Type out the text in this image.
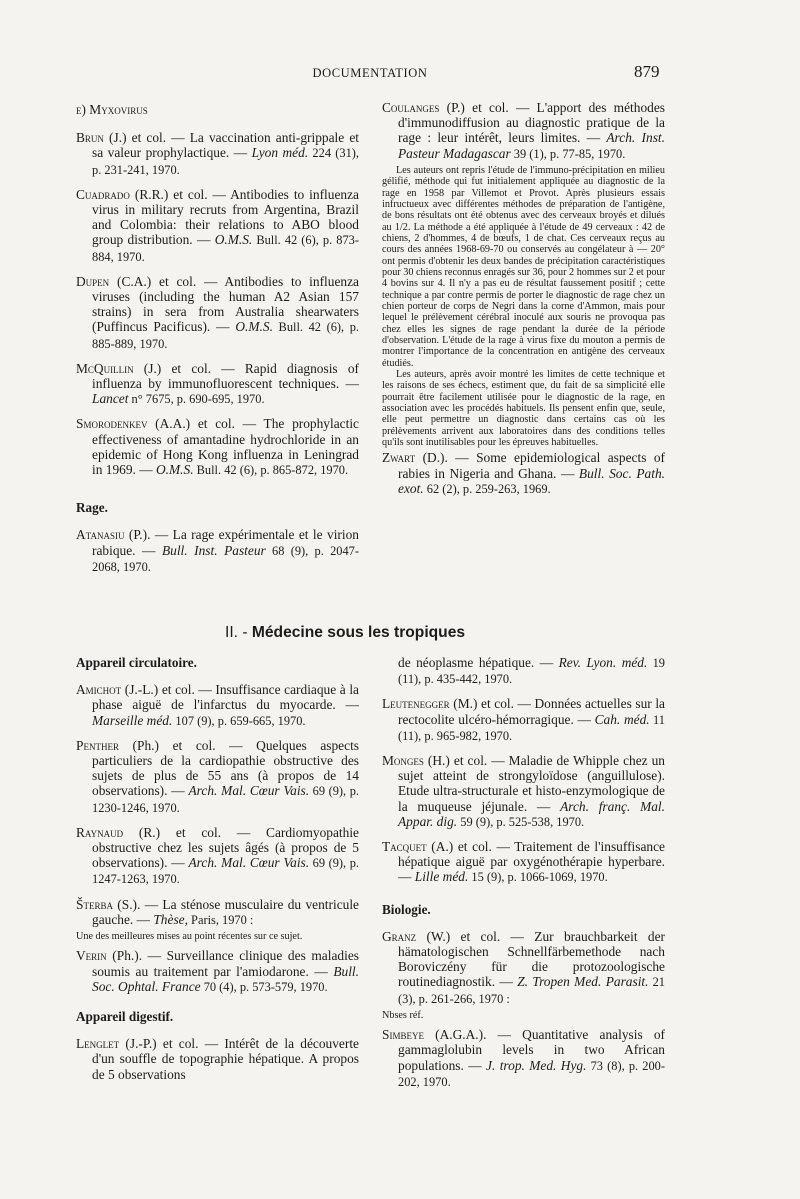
DOCUMENTATION	879
e) Myxovirus

Brun (J.) et col. — La vaccination anti-grippale et sa valeur prophylactique. — Lyon méd. 224 (31), p. 231-241, 1970.

Cuadrado (R.R.) et col. — Antibodies to influenza virus in military recruts from Argentina, Brazil and Colombia: their relations to ABO blood group distribution. — O.M.S. Bull. 42 (6), p. 873-884, 1970.

Dupen (C.A.) et col. — Antibodies to influenza viruses (including the human A2 Asian 157 strains) in sera from Australia shearwaters (Puffincus Pacificus). — O.M.S. Bull. 42 (6), p. 885-889, 1970.

McQuillin (J.) et col. — Rapid diagnosis of influenza by immunofluorescent techniques. — Lancet n° 7675, p. 690-695, 1970.

Smorodenkev (A.A.) et col. — The prophylactic effectiveness of amantadine hydrochloride in an epidemic of Hong Kong influenza in Leningrad in 1969. — O.M.S. Bull. 42 (6), p. 865-872, 1970.

Rage.

Atanasiu (P.). — La rage expérimentale et le virion rabique. — Bull. Inst. Pasteur 68 (9), p. 2047-2068, 1970.

Coulanges (P.) et col. — L'apport des méthodes d'immunodiffusion au diagnostic pratique de la rage : leur intérêt, leurs limites. — Arch. Inst. Pasteur Madagascar 39 (1), p. 77-85, 1970.

Les auteurs ont repris l'étude de l'immuno-précipitation en milieu gélifié, méthode qui fut initialement appliquée au diagnostic de la rage en 1958 par Villemot et Provot. Après plusieurs essais infructueux avec différentes méthodes de préparation de l'antigène, de bons résultats ont été obtenus avec des cerveaux broyés et dilués au 1/2. La méthode a été appliquée à l'étude de 49 cerveaux : 42 de chiens, 2 d'hommes, 4 de bœufs, 1 de chat. Ces cerveaux reçus au cours des années 1968-69-70 ou conservés au congélateur à — 20° ont permis d'obtenir les deux bandes de précipitation caractéristiques pour 30 chiens reconnus enragés sur 36, pour 2 hommes sur 2 et pour 4 bovins sur 4. Il n'y a pas eu de résultat faussement positif ; cette technique a par contre permis de porter le diagnostic de rage chez un chien porteur de corps de Negri dans la corne d'Ammon, mais pour lequel le prélèvement cérébral inoculé aux souris ne provoqua pas chez elles les signes de rage pendant la durée de la période d'observation. L'étude de la rage à virus fixe du mouton a permis de montrer l'importance de la concentration en antigène des cerveaux étudiés.

Les auteurs, après avoir montré les limites de cette technique et les raisons de ses échecs, estiment que, du fait de sa simplicité elle pourrait être facilement utilisée pour le diagnostic de la rage, en association avec les procédés habituels. Ils pensent enfin que, seule, elle peut permettre un diagnostic dans certains cas où les prélèvements arrivent aux laboratoires dans des conditions telles qu'ils sont inutilisables pour les épreuves habituelles.

Zwart (D.). — Some epidemiological aspects of rabies in Nigeria and Ghana. — Bull. Soc. Path. exot. 62 (2), p. 259-263, 1969.

II. - Médecine sous les tropiques
Appareil circulatoire.

Amichot (J.-L.) et col. — Insuffisance cardiaque à la phase aiguë de l'infarctus du myocarde. — Marseille méd. 107 (9), p. 659-665, 1970.

Penther (Ph.) et col. — Quelques aspects particuliers de la cardiopathie obstructive des sujets de plus de 55 ans (à propos de 14 observations). — Arch. Mal. Cœur Vais. 69 (9), p. 1230-1246, 1970.

Raynaud (R.) et col. — Cardiomyopathie obstructive chez les sujets âgés (à propos de 5 observations). — Arch. Mal. Cœur Vais. 69 (9), p. 1247-1263, 1970.

Šterba (S.). — La sténose musculaire du ventricule gauche. — Thèse, Paris, 1970 :

Une des meilleures mises au point récentes sur ce sujet.

Verin (Ph.). — Surveillance clinique des maladies soumis au traitement par l'amiodarone. — Bull. Soc. Ophtal. France 70 (4), p. 573-579, 1970.

Appareil digestif.

Lenglet (J.-P.) et col. — Intérêt de la découverte d'un souffle de topographie hépatique. A propos de 5 observations

de néoplasme hépatique. — Rev. Lyon. méd. 19 (11), p. 435-442, 1970.

Leutenegger (M.) et col. — Données actuelles sur la rectocolite ulcéro-hémorragique. — Cah. méd. 11 (11), p. 965-982, 1970.

Monges (H.) et col. — Maladie de Whipple chez un sujet atteint de strongyloïdose (anguillulose). Etude ultra-structurale et histo-enzymologique de la muqueuse jéjunale. — Arch. franç. Mal. Appar. dig. 59 (9), p. 525-538, 1970.

Tacquet (A.) et col. — Traitement de l'insuffisance hépatique aiguë par oxygénothérapie hyperbare. — Lille méd. 15 (9), p. 1066-1069, 1970.

Biologie.

Granz (W.) et col. — Zur brauchbarkeit der hämatologischen Schnellfärbemethode nach Boroviczény für die protozoologische routinediagnostik. — Z. Tropen Med. Parasit. 21 (3), p. 261-266, 1970 :

Nbses réf.

Simbeye (A.G.A.). — Quantitative analysis of gammaglolubin levels in two African populations. — J. trop. Med. Hyg. 73 (8), p. 200-202, 1970.
